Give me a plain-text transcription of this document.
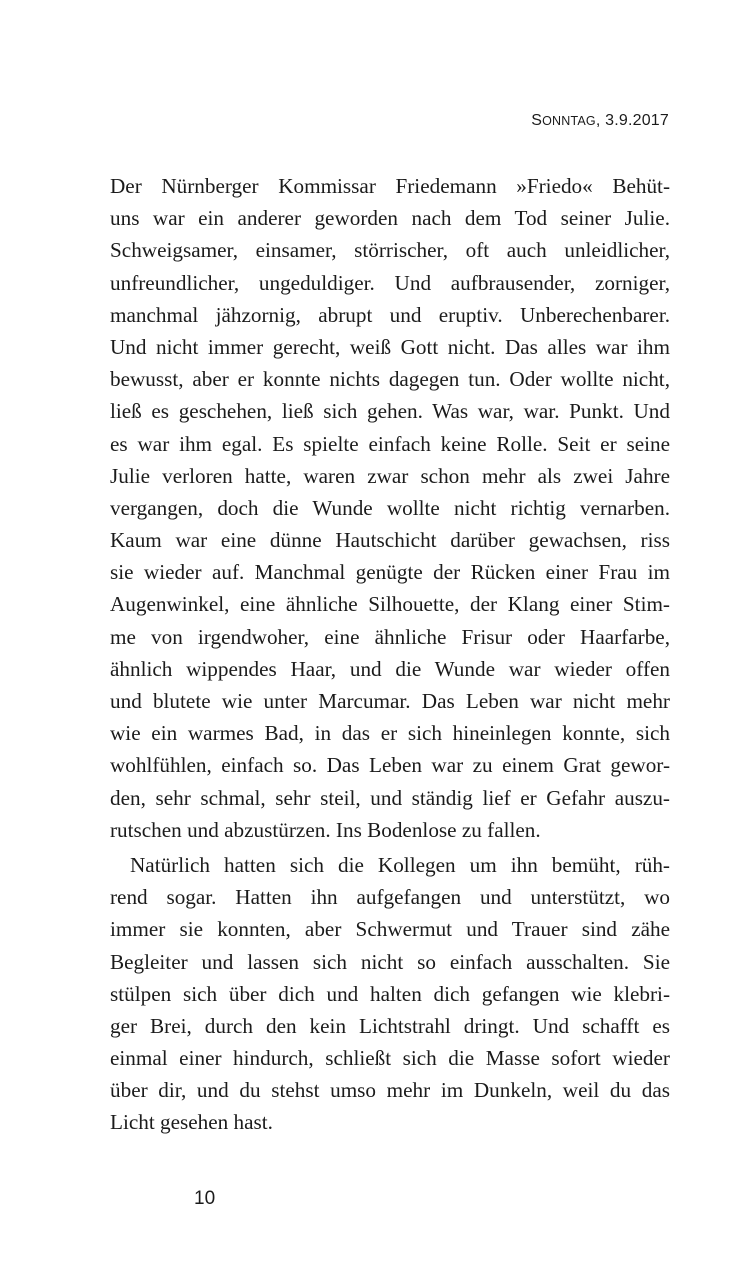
SONNTAG, 3.9.2017
Der Nürnberger Kommissar Friedemann »Friedo« Behüt-
uns war ein anderer geworden nach dem Tod seiner Julie.
Schweigsamer, einsamer, störrischer, oft auch unleidlicher,
unfreundlicher, ungeduldiger. Und aufbrausender, zorniger,
manchmal jähzornig, abrupt und eruptiv. Unberechenbarer.
Und nicht immer gerecht, weiß Gott nicht. Das alles war ihm
bewusst, aber er konnte nichts dagegen tun. Oder wollte nicht,
ließ es geschehen, ließ sich gehen. Was war, war. Punkt. Und
es war ihm egal. Es spielte einfach keine Rolle. Seit er seine
Julie verloren hatte, waren zwar schon mehr als zwei Jahre
vergangen, doch die Wunde wollte nicht richtig vernarben.
Kaum war eine dünne Hautschicht darüber gewachsen, riss
sie wieder auf. Manchmal genügte der Rücken einer Frau im
Augenwinkel, eine ähnliche Silhouette, der Klang einer Stim-
me von irgendwoher, eine ähnliche Frisur oder Haarfarbe,
ähnlich wippendes Haar, und die Wunde war wieder offen
und blutete wie unter Marcumar. Das Leben war nicht mehr
wie ein warmes Bad, in das er sich hineinlegen konnte, sich
wohlfühlen, einfach so. Das Leben war zu einem Grat gewor-
den, sehr schmal, sehr steil, und ständig lief er Gefahr auszu-
rutschen und abzustürzen. Ins Bodenlose zu fallen.
Natürlich hatten sich die Kollegen um ihn bemüht, rüh-
rend sogar. Hatten ihn aufgefangen und unterstützt, wo
immer sie konnten, aber Schwermut und Trauer sind zähe
Begleiter und lassen sich nicht so einfach ausschalten. Sie
stülpen sich über dich und halten dich gefangen wie klebri-
ger Brei, durch den kein Lichtstrahl dringt. Und schafft es
einmal einer hindurch, schließt sich die Masse sofort wieder
über dir, und du stehst umso mehr im Dunkeln, weil du das
Licht gesehen hast.
10
